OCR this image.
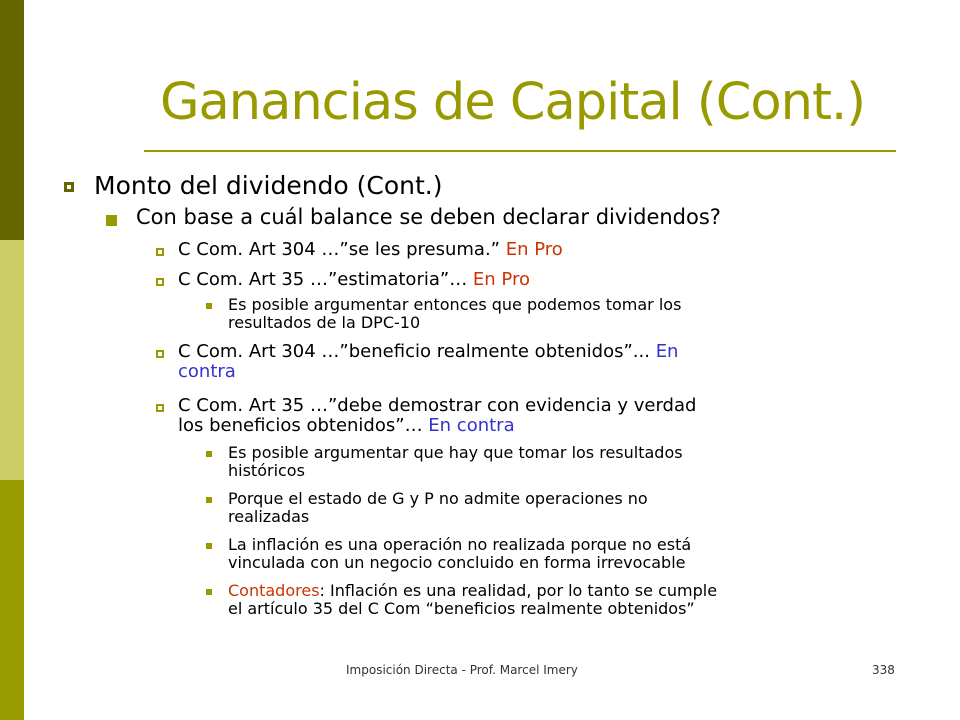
Ganancias de Capital (Cont.)
Monto del dividendo (Cont.)
Con base a cuál balance se deben declarar dividendos?
C Com. Art 304 …”se les presuma.” En Pro
C Com. Art 35 …”estimatoria”… En Pro
Es posible argumentar entonces que podemos tomar los
resultados de la DPC-10
C Com. Art 304 …”beneficio realmente obtenidos”... En
contra
C Com. Art 35 …”debe demostrar con evidencia y verdad
los beneficios obtenidos”… En contra
Es posible argumentar que hay que tomar los resultados
históricos
Porque el estado de G y P no admite operaciones no
realizadas
La inflación es una operación no realizada porque no está
vinculada con un negocio concluido en forma irrevocable
Contadores: Inflación es una realidad, por lo tanto se cumple
el artículo 35 del C Com “beneficios realmente obtenidos”
Imposición Directa - Prof. Marcel Imery	338
